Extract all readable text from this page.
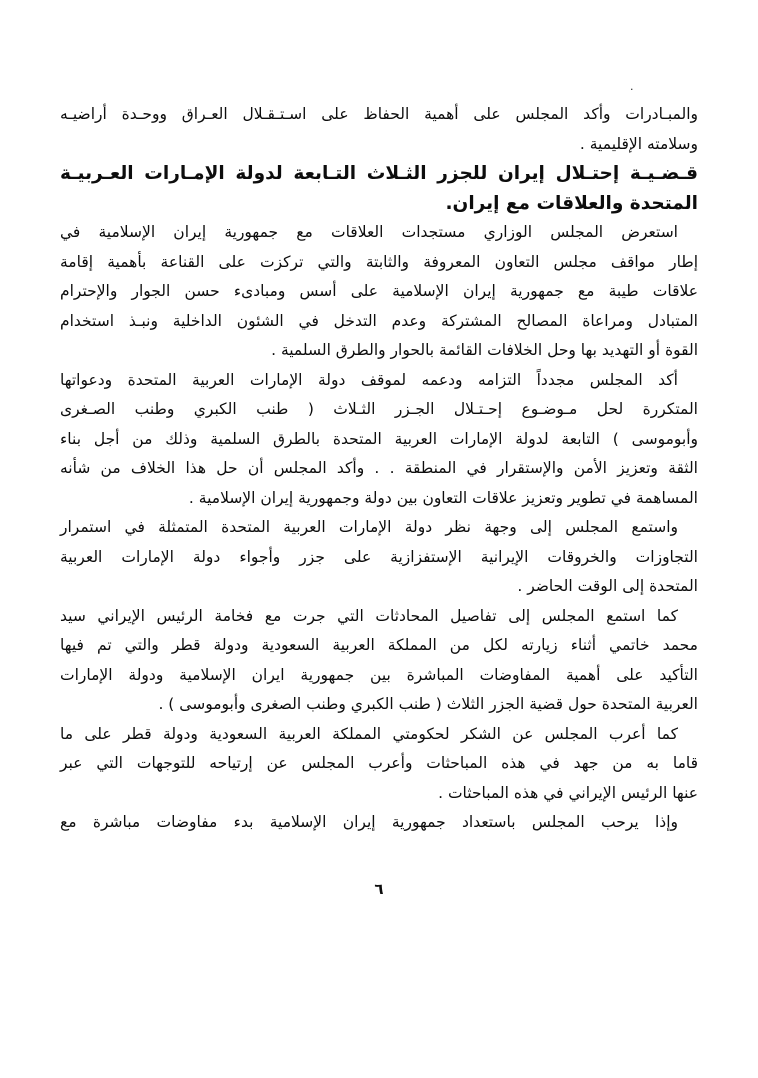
.
والمبـادرات وأكد المجلس على أهمية الحفاظ على اسـتـقـلال العـراق ووحـدة أراضيـه
وسلامته الإقليمية .
قـضـيـة إحتـلال إيران للجزر الثـلاث التـابعة لدولة الإمـارات العـربيـة
المتحدة والعلاقات مع إيران.
استعرض المجلس الوزاري مستجدات العلاقات مع جمهورية إيران الإسلامية في
إطار مواقف مجلس التعاون المعروفة والثابتة والتي تركزت على القناعة بأهمية إقامة
علاقات طيبة مع جمهورية إيران الإسلامية على أسس ومبادىء حسن الجوار والإحترام
المتبادل ومراعاة المصالح المشتركة وعدم التدخل في الشئون الداخلية ونبـذ استخدام
القوة أو التهديد بها وحل الخلافات القائمة بالحوار والطرق السلمية .
أكد المجلس مجدداً التزامه ودعمه لموقف دولة الإمارات العربية المتحدة ودعواتها
المتكررة لحل مـوضـوع إحـتـلال الجـزر الثـلاث ( طنب الكبري وطنب الصـغرى
وأبوموسى ) التابعة لدولة الإمارات العربية المتحدة بالطرق السلمية وذلك من أجل بناء
الثقة وتعزيز الأمن والإستقرار في المنطقة . . وأكد المجلس أن حل هذا الخلاف من شأنه
المساهمة في تطوير وتعزيز علاقات التعاون بين دولة وجمهورية إيران الإسلامية .
واستمع المجلس إلى وجهة نظر دولة الإمارات العربية المتحدة المتمثلة في استمرار
التجاوزات والخروقات الإيرانية الإستفزازية على جزر وأجواء دولة الإمارات العربية
المتحدة إلى الوقت الحاضر .
كما استمع المجلس إلى تفاصيل المحادثات التي جرت مع فخامة الرئيس الإيراني سيد
محمد خاتمي أثناء زيارته لكل من المملكة العربية السعودية ودولة قطر والتي تم فيها
التأكيد على أهمية المفاوضات المباشرة بين جمهورية ايران الإسلامية ودولة الإمارات
العربية المتحدة حول قضية الجزر الثلاث ( طنب الكبري وطنب الصغرى وأبوموسى ) .
كما أعرب المجلس عن الشكر لحكومتي المملكة العربية السعودية ودولة قطر على ما
قاما به من جهد في هذه المباحثات وأعرب المجلس عن إرتياحه للتوجهات التي عبر
عنها الرئيس الإيراني في هذه المباحثات .
وإذا يرحب المجلس باستعداد جمهورية إيران الإسلامية بدء مفاوضات مباشرة مع
٦
